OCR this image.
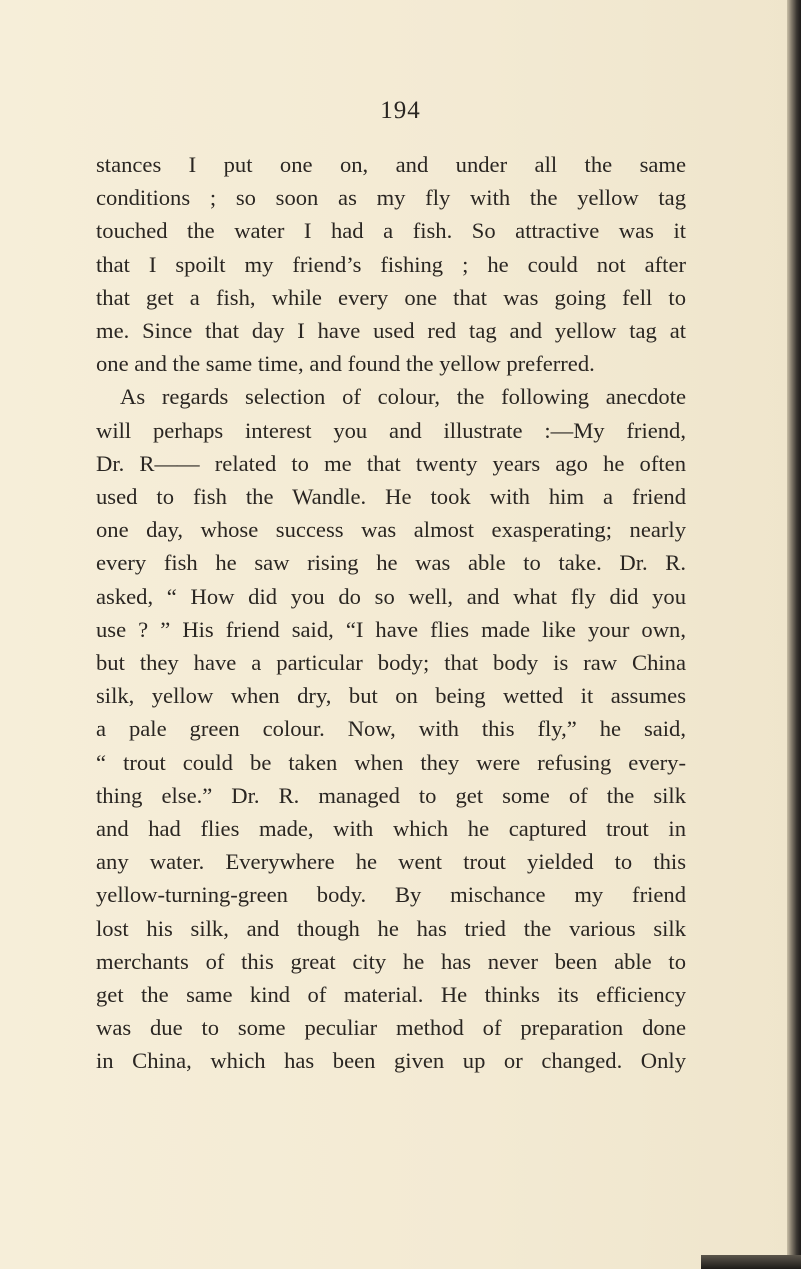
194
stances I put one on, and under all the same
conditions ; so soon as my fly with the yellow tag
touched the water I had a fish. So attractive was it
that I spoilt my friend’s fishing ; he could not after
that get a fish, while every one that was going fell to
me. Since that day I have used red tag and yellow tag at
one and the same time, and found the yellow preferred.
As regards selection of colour, the following anecdote
will perhaps interest you and illustrate :—My friend,
Dr. R—— related to me that twenty years ago he often
used to fish the Wandle. He took with him a friend
one day, whose success was almost exasperating; nearly
every fish he saw rising he was able to take. Dr. R.
asked, “ How did you do so well, and what fly did you
use ? ” His friend said, “I have flies made like your own,
but they have a particular body; that body is raw China
silk, yellow when dry, but on being wetted it assumes
a pale green colour. Now, with this fly,” he said,
“ trout could be taken when they were refusing every-
thing else.” Dr. R. managed to get some of the silk
and had flies made, with which he captured trout in
any water. Everywhere he went trout yielded to this
yellow-turning-green body. By mischance my friend
lost his silk, and though he has tried the various silk
merchants of this great city he has never been able to
get the same kind of material. He thinks its efficiency
was due to some peculiar method of preparation done
in China, which has been given up or changed. Only
